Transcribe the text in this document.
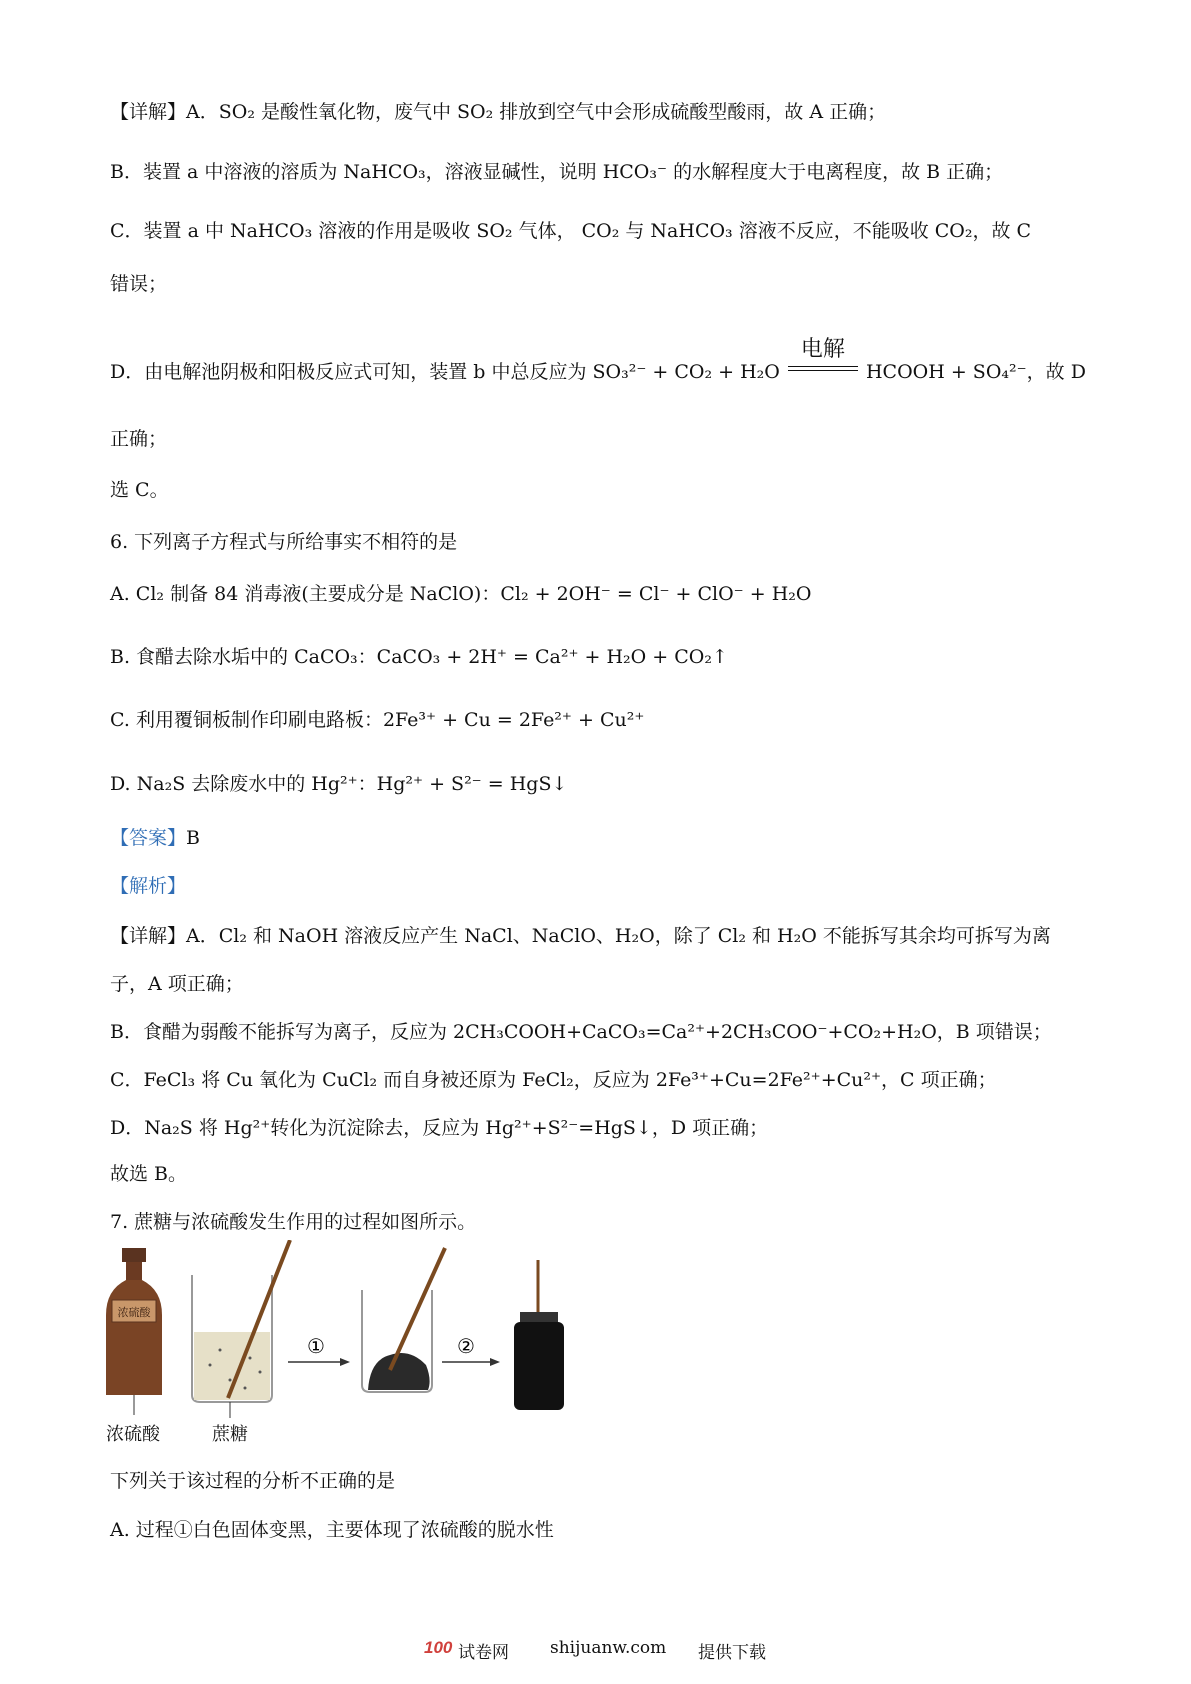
【详解】A．SO₂ 是酸性氧化物，废气中 SO₂ 排放到空气中会形成硫酸型酸雨，故 A 正确；
B．装置 a 中溶液的溶质为 NaHCO₃，溶液显碱性，说明 HCO₃⁻ 的水解程度大于电离程度，故 B 正确；
C．装置 a 中 NaHCO₃ 溶液的作用是吸收 SO₂ 气体， CO₂ 与 NaHCO₃ 溶液不反应，不能吸收 CO₂，故 C
错误；
D．由电解池阴极和阳极反应式可知，装置 b 中总反应为 SO₃²⁻ + CO₂ + H₂O
电解
HCOOH + SO₄²⁻，故 D
正确；
选 C。
6. 下列离子方程式与所给事实不相符的是
A. Cl₂ 制备 84 消毒液(主要成分是 NaClO)：Cl₂ + 2OH⁻ = Cl⁻ + ClO⁻ + H₂O
B. 食醋去除水垢中的 CaCO₃：CaCO₃ + 2H⁺ = Ca²⁺ + H₂O + CO₂↑
C. 利用覆铜板制作印刷电路板：2Fe³⁺ + Cu = 2Fe²⁺ + Cu²⁺
D. Na₂S 去除废水中的 Hg²⁺：Hg²⁺ + S²⁻ = HgS↓
【答案】B
【解析】
【详解】A．Cl₂ 和 NaOH 溶液反应产生 NaCl、NaClO、H₂O，除了 Cl₂ 和 H₂O 不能拆写其余均可拆写为离
子，A 项正确；
B．食醋为弱酸不能拆写为离子，反应为 2CH₃COOH+CaCO₃=Ca²⁺+2CH₃COO⁻+CO₂+H₂O，B 项错误；
C．FeCl₃ 将 Cu 氧化为 CuCl₂ 而自身被还原为 FeCl₂，反应为 2Fe³⁺+Cu=2Fe²⁺+Cu²⁺，C 项正确；
D．Na₂S 将 Hg²⁺转化为沉淀除去，反应为 Hg²⁺+S²⁻=HgS↓，D 项正确；
故选 B。
7. 蔗糖与浓硫酸发生作用的过程如图所示。
浓硫酸
①	②
浓硫酸	蔗糖
下列关于该过程的分析不正确的是
A. 过程①白色固体变黑，主要体现了浓硫酸的脱水性
100 试卷网 shijuanw.com 提供下载
